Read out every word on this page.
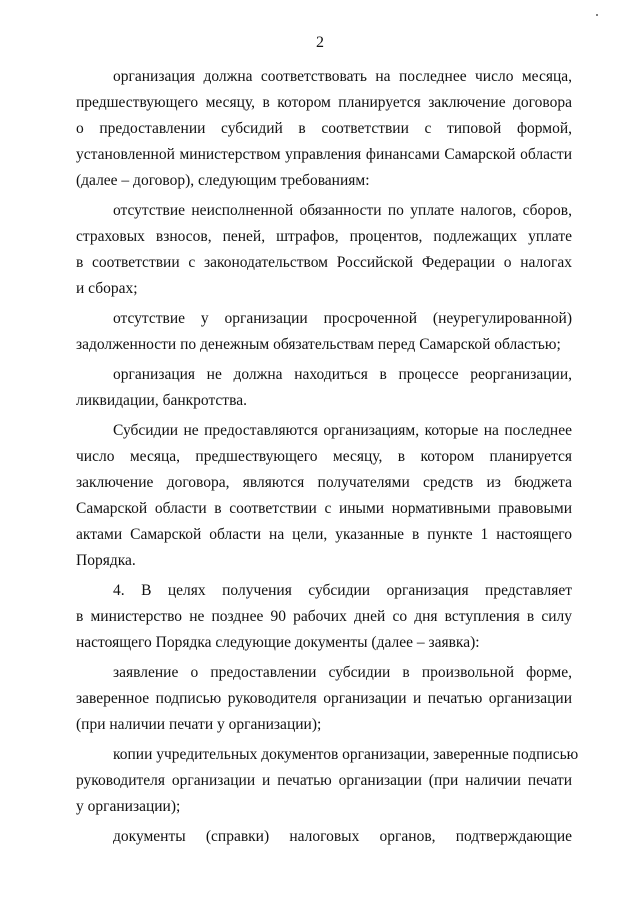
2
организация должна соответствовать на последнее число месяца,
предшествующего месяцу, в котором планируется заключение договора
о предоставлении субсидий в соответствии с типовой формой,
установленной министерством управления финансами Самарской области
(далее – договор), следующим требованиям:
отсутствие неисполненной обязанности по уплате налогов, сборов,
страховых взносов, пеней, штрафов, процентов, подлежащих уплате
в соответствии с законодательством Российской Федерации о налогах
и сборах;
отсутствие у организации просроченной (неурегулированной)
задолженности по денежным обязательствам перед Самарской областью;
организация не должна находиться в процессе реорганизации,
ликвидации, банкротства.
Субсидии не предоставляются организациям, которые на последнее
число месяца, предшествующего месяцу, в котором планируется
заключение договора, являются получателями средств из бюджета
Самарской области в соответствии с иными нормативными правовыми
актами Самарской области на цели, указанные в пункте 1 настоящего
Порядка.
4. В целях получения субсидии организация представляет
в министерство не позднее 90 рабочих дней со дня вступления в силу
настоящего Порядка следующие документы (далее – заявка):
заявление о предоставлении субсидии в произвольной форме,
заверенное подписью руководителя организации и печатью организации
(при наличии печати у организации);
копии учредительных документов организации, заверенные подписью
руководителя организации и печатью организации (при наличии печати
у организации);
документы (справки) налоговых органов, подтверждающие
